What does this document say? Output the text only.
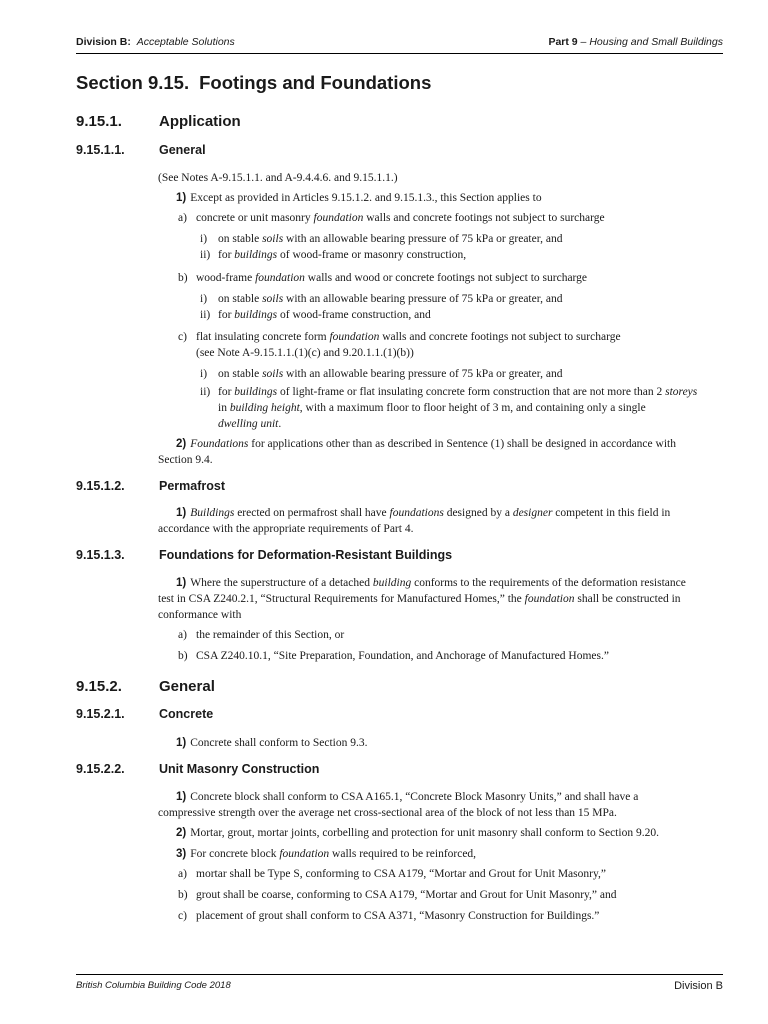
Division B: Acceptable Solutions	Part 9 – Housing and Small Buildings
Section 9.15. Footings and Foundations
9.15.1. Application
9.15.1.1.	General
(See Notes A-9.15.1.1. and A-9.4.4.6. and 9.15.1.1.)
1) Except as provided in Articles 9.15.1.2. and 9.15.1.3., this Section applies to
a) concrete or unit masonry foundation walls and concrete footings not subject to surcharge
i) on stable soils with an allowable bearing pressure of 75 kPa or greater, and
ii) for buildings of wood-frame or masonry construction,
b) wood-frame foundation walls and wood or concrete footings not subject to surcharge
i) on stable soils with an allowable bearing pressure of 75 kPa or greater, and
ii) for buildings of wood-frame construction, and
c) flat insulating concrete form foundation walls and concrete footings not subject to surcharge
(see Note A-9.15.1.1.(1)(c) and 9.20.1.1.(1)(b))
i) on stable soils with an allowable bearing pressure of 75 kPa or greater, and
ii) for buildings of light-frame or flat insulating concrete form construction that are not more than 2 storeys
in building height, with a maximum floor to floor height of 3 m, and containing only a single
dwelling unit.
2) Foundations for applications other than as described in Sentence (1) shall be designed in accordance with
Section 9.4.
9.15.1.2.	Permafrost
1) Buildings erected on permafrost shall have foundations designed by a designer competent in this field in
accordance with the appropriate requirements of Part 4.
9.15.1.3.	Foundations for Deformation-Resistant Buildings
1) Where the superstructure of a detached building conforms to the requirements of the deformation resistance
test in CSA Z240.2.1, “Structural Requirements for Manufactured Homes,” the foundation shall be constructed in
conformance with
a) the remainder of this Section, or
b) CSA Z240.10.1, “Site Preparation, Foundation, and Anchorage of Manufactured Homes.”
9.15.2. General
9.15.2.1.	Concrete
1) Concrete shall conform to Section 9.3.
9.15.2.2.	Unit Masonry Construction
1) Concrete block shall conform to CSA A165.1, “Concrete Block Masonry Units,” and shall have a
compressive strength over the average net cross-sectional area of the block of not less than 15 MPa.
2) Mortar, grout, mortar joints, corbelling and protection for unit masonry shall conform to Section 9.20.
3) For concrete block foundation walls required to be reinforced,
a) mortar shall be Type S, conforming to CSA A179, “Mortar and Grout for Unit Masonry,”
b) grout shall be coarse, conforming to CSA A179, “Mortar and Grout for Unit Masonry,” and
c) placement of grout shall conform to CSA A371, “Masonry Construction for Buildings.”
British Columbia Building Code 2018	Division B
